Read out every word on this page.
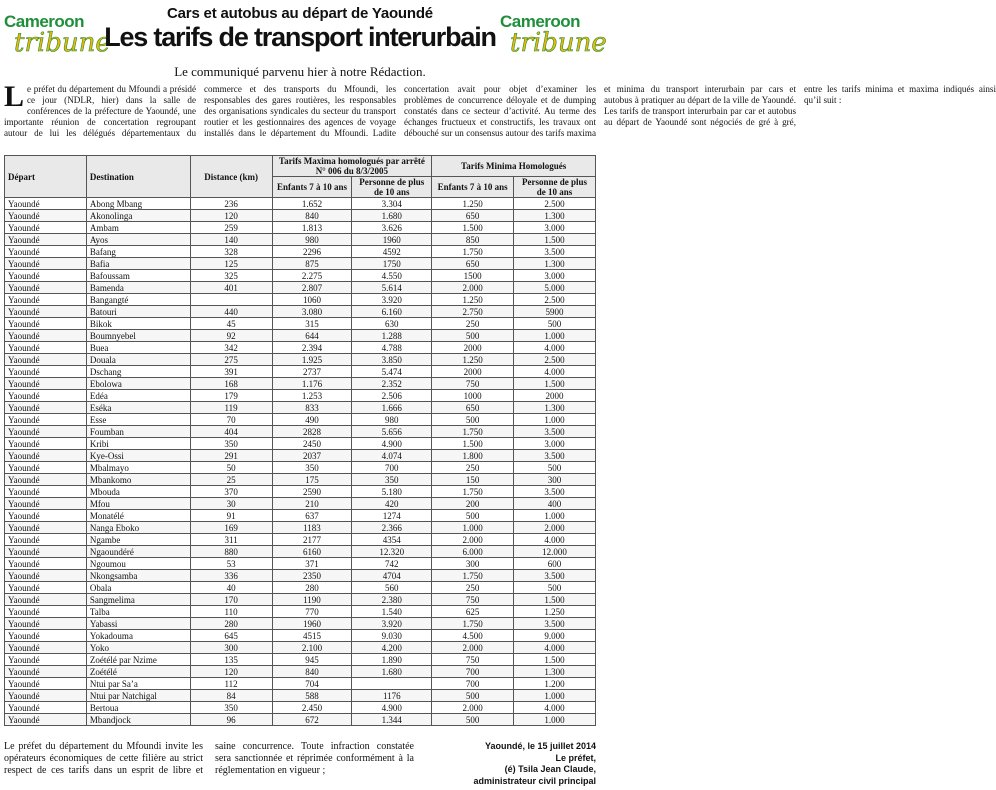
Cameroon
tribune
Cameroon
tribune
Cars et autobus au départ de Yaoundé
Les tarifs de transport interurbain
Le communiqué parvenu hier à notre Rédaction.

Le préfet du département du Mfoundi a présidé ce jour (NDLR, hier) dans la salle de conférences de la préfecture de Yaoundé, une importante réunion de concertation regroupant autour de lui les délégués départementaux du commerce et des transports du Mfoundi, les responsables des gares routières, les responsables des organisations syndicales du secteur du transport routier et les gestionnaires des agences de voyage installés dans le département du Mfoundi. Ladite concertation avait pour objet d’examiner les problèmes de concurrence déloyale et de dumping constatés dans ce secteur d’activité. Au terme des échanges fructueux et constructifs, les travaux ont débouché sur un consensus autour des tarifs maxima et minima du transport interurbain par cars et autobus à pratiquer au départ de la ville de Yaoundé. Les tarifs de transport interurbain par car et autobus au départ de Yaoundé sont négociés de gré à gré, entre les tarifs minima et maxima indiqués ainsi qu’il suit :

Départ	Destination	Distance (km)	Tarifs Maxima homologués par arrêté N° 006 du 8/3/2005		Tarifs Minima Homologués	
			Enfants 7 à 10 ans	Personne de plus de 10 ans	Enfants 7 à 10 ans	Personne de plus de 10 ans
Yaoundé	Abong Mbang	236	1.652	3.304	1.250	2.500
Yaoundé	Akonolinga	120	840	1.680	650	1.300
Yaoundé	Ambam	259	1.813	3.626	1.500	3.000
Yaoundé	Ayos	140	980	1960	850	1.500
Yaoundé	Bafang	328	2296	4592	1.750	3.500
Yaoundé	Bafia	125	875	1750	650	1.300
Yaoundé	Bafoussam	325	2.275	4.550	1500	3.000
Yaoundé	Bamenda	401	2.807	5.614	2.000	5.000
Yaoundé	Bangangté		1060	3.920	1.250	2.500
Yaoundé	Batouri	440	3.080	6.160	2.750	5900
Yaoundé	Bikok	45	315	630	250	500
Yaoundé	Boumnyebel	92	644	1.288	500	1.000
Yaoundé	Buea	342	2.394	4.788	2000	4.000
Yaoundé	Douala	275	1.925	3.850	1.250	2.500
Yaoundé	Dschang	391	2737	5.474	2000	4.000
Yaoundé	Ebolowa	168	1.176	2.352	750	1.500
Yaoundé	Edéa	179	1.253	2.506	1000	2000
Yaoundé	Eséka	119	833	1.666	650	1.300
Yaoundé	Esse	70	490	980	500	1.000
Yaoundé	Foumban	404	2828	5.656	1.750	3.500
Yaoundé	Kribi	350	2450	4.900	1.500	3.000
Yaoundé	Kye-Ossi	291	2037	4.074	1.800	3.500
Yaoundé	Mbalmayo	50	350	700	250	500
Yaoundé	Mbankomo	25	175	350	150	300
Yaoundé	Mbouda	370	2590	5.180	1.750	3.500
Yaoundé	Mfou	30	210	420	200	400
Yaoundé	Monatélé	91	637	1274	500	1.000
Yaoundé	Nanga Eboko	169	1183	2.366	1.000	2.000
Yaoundé	Ngambe	311	2177	4354	2.000	4.000
Yaoundé	Ngaoundéré	880	6160	12.320	6.000	12.000
Yaoundé	Ngoumou	53	371	742	300	600
Yaoundé	Nkongsamba	336	2350	4704	1.750	3.500
Yaoundé	Obala	40	280	560	250	500
Yaoundé	Sangmelima	170	1190	2.380	750	1.500
Yaoundé	Talba	110	770	1.540	625	1.250
Yaoundé	Yabassi	280	1960	3.920	1.750	3.500
Yaoundé	Yokadouma	645	4515	9.030	4.500	9.000
Yaoundé	Yoko	300	2.100	4.200	2.000	4.000
Yaoundé	Zoétélé par Nzime	135	945	1.890	750	1.500
Yaoundé	Zoétélé	120	840	1.680	700	1.300
Yaoundé	Ntui par Sa’a	112	704		700	1.200
Yaoundé	Ntui par Natchigal	84	588	1176	500	1.000
Yaoundé	Bertoua	350	2.450	4.900	2.000	4.000
Yaoundé	Mbandjock	96	672	1.344	500	1.000

Le préfet du département du Mfoundi invite les opérateurs économiques de cette filière au strict respect de ces tarifs dans un esprit de libre et saine concurrence. Toute infraction constatée sera sanctionnée et réprimée conformément à la réglementation en vigueur ;

Yaoundé, le 15 juillet 2014
Le préfet,
(é) Tsila Jean Claude,
administrateur civil principal
